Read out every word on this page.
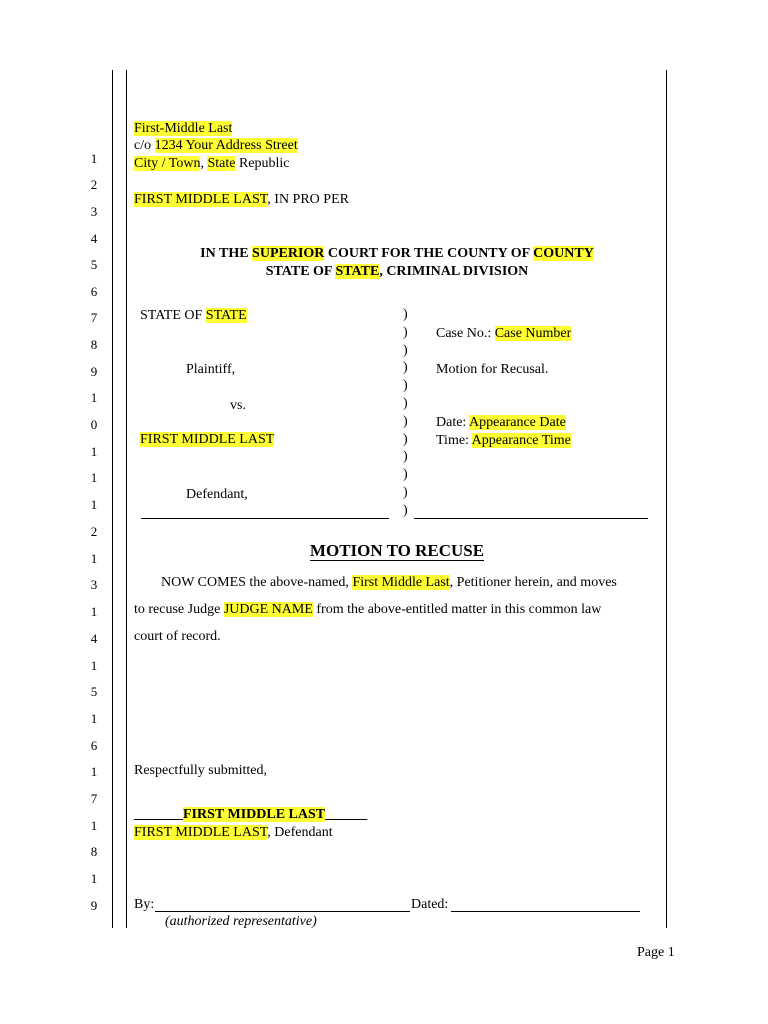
1
2
3
4
5
6
7
8
9
1
0
1
1
1
2
1
3
1
4
1
5
1
6
1
7
1
8
1
9
First-Middle Last
c/o 1234 Your Address Street
City / Town, State Republic
FIRST MIDDLE LAST, IN PRO PER
IN THE SUPERIOR COURT FOR THE COUNTY OF COUNTY
STATE OF STATE, CRIMINAL DIVISION
STATE OF STATE
Plaintiff,
vs.
FIRST MIDDLE LAST
Defendant,
)
)
)
)
)
)
)
)
)
)
)
)
Case No.: Case Number
Motion for Recusal.
Date: Appearance Date
Time: Appearance Time
MOTION TO RECUSE
NOW COMES the above-named, First Middle Last, Petitioner herein, and moves
to recuse Judge JUDGE NAME from the above-entitled matter in this common law
court of record.
Respectfully submitted,
_______FIRST MIDDLE LAST______
FIRST MIDDLE LAST, Defendant
By:	Dated:
(authorized representative)
Page 1
